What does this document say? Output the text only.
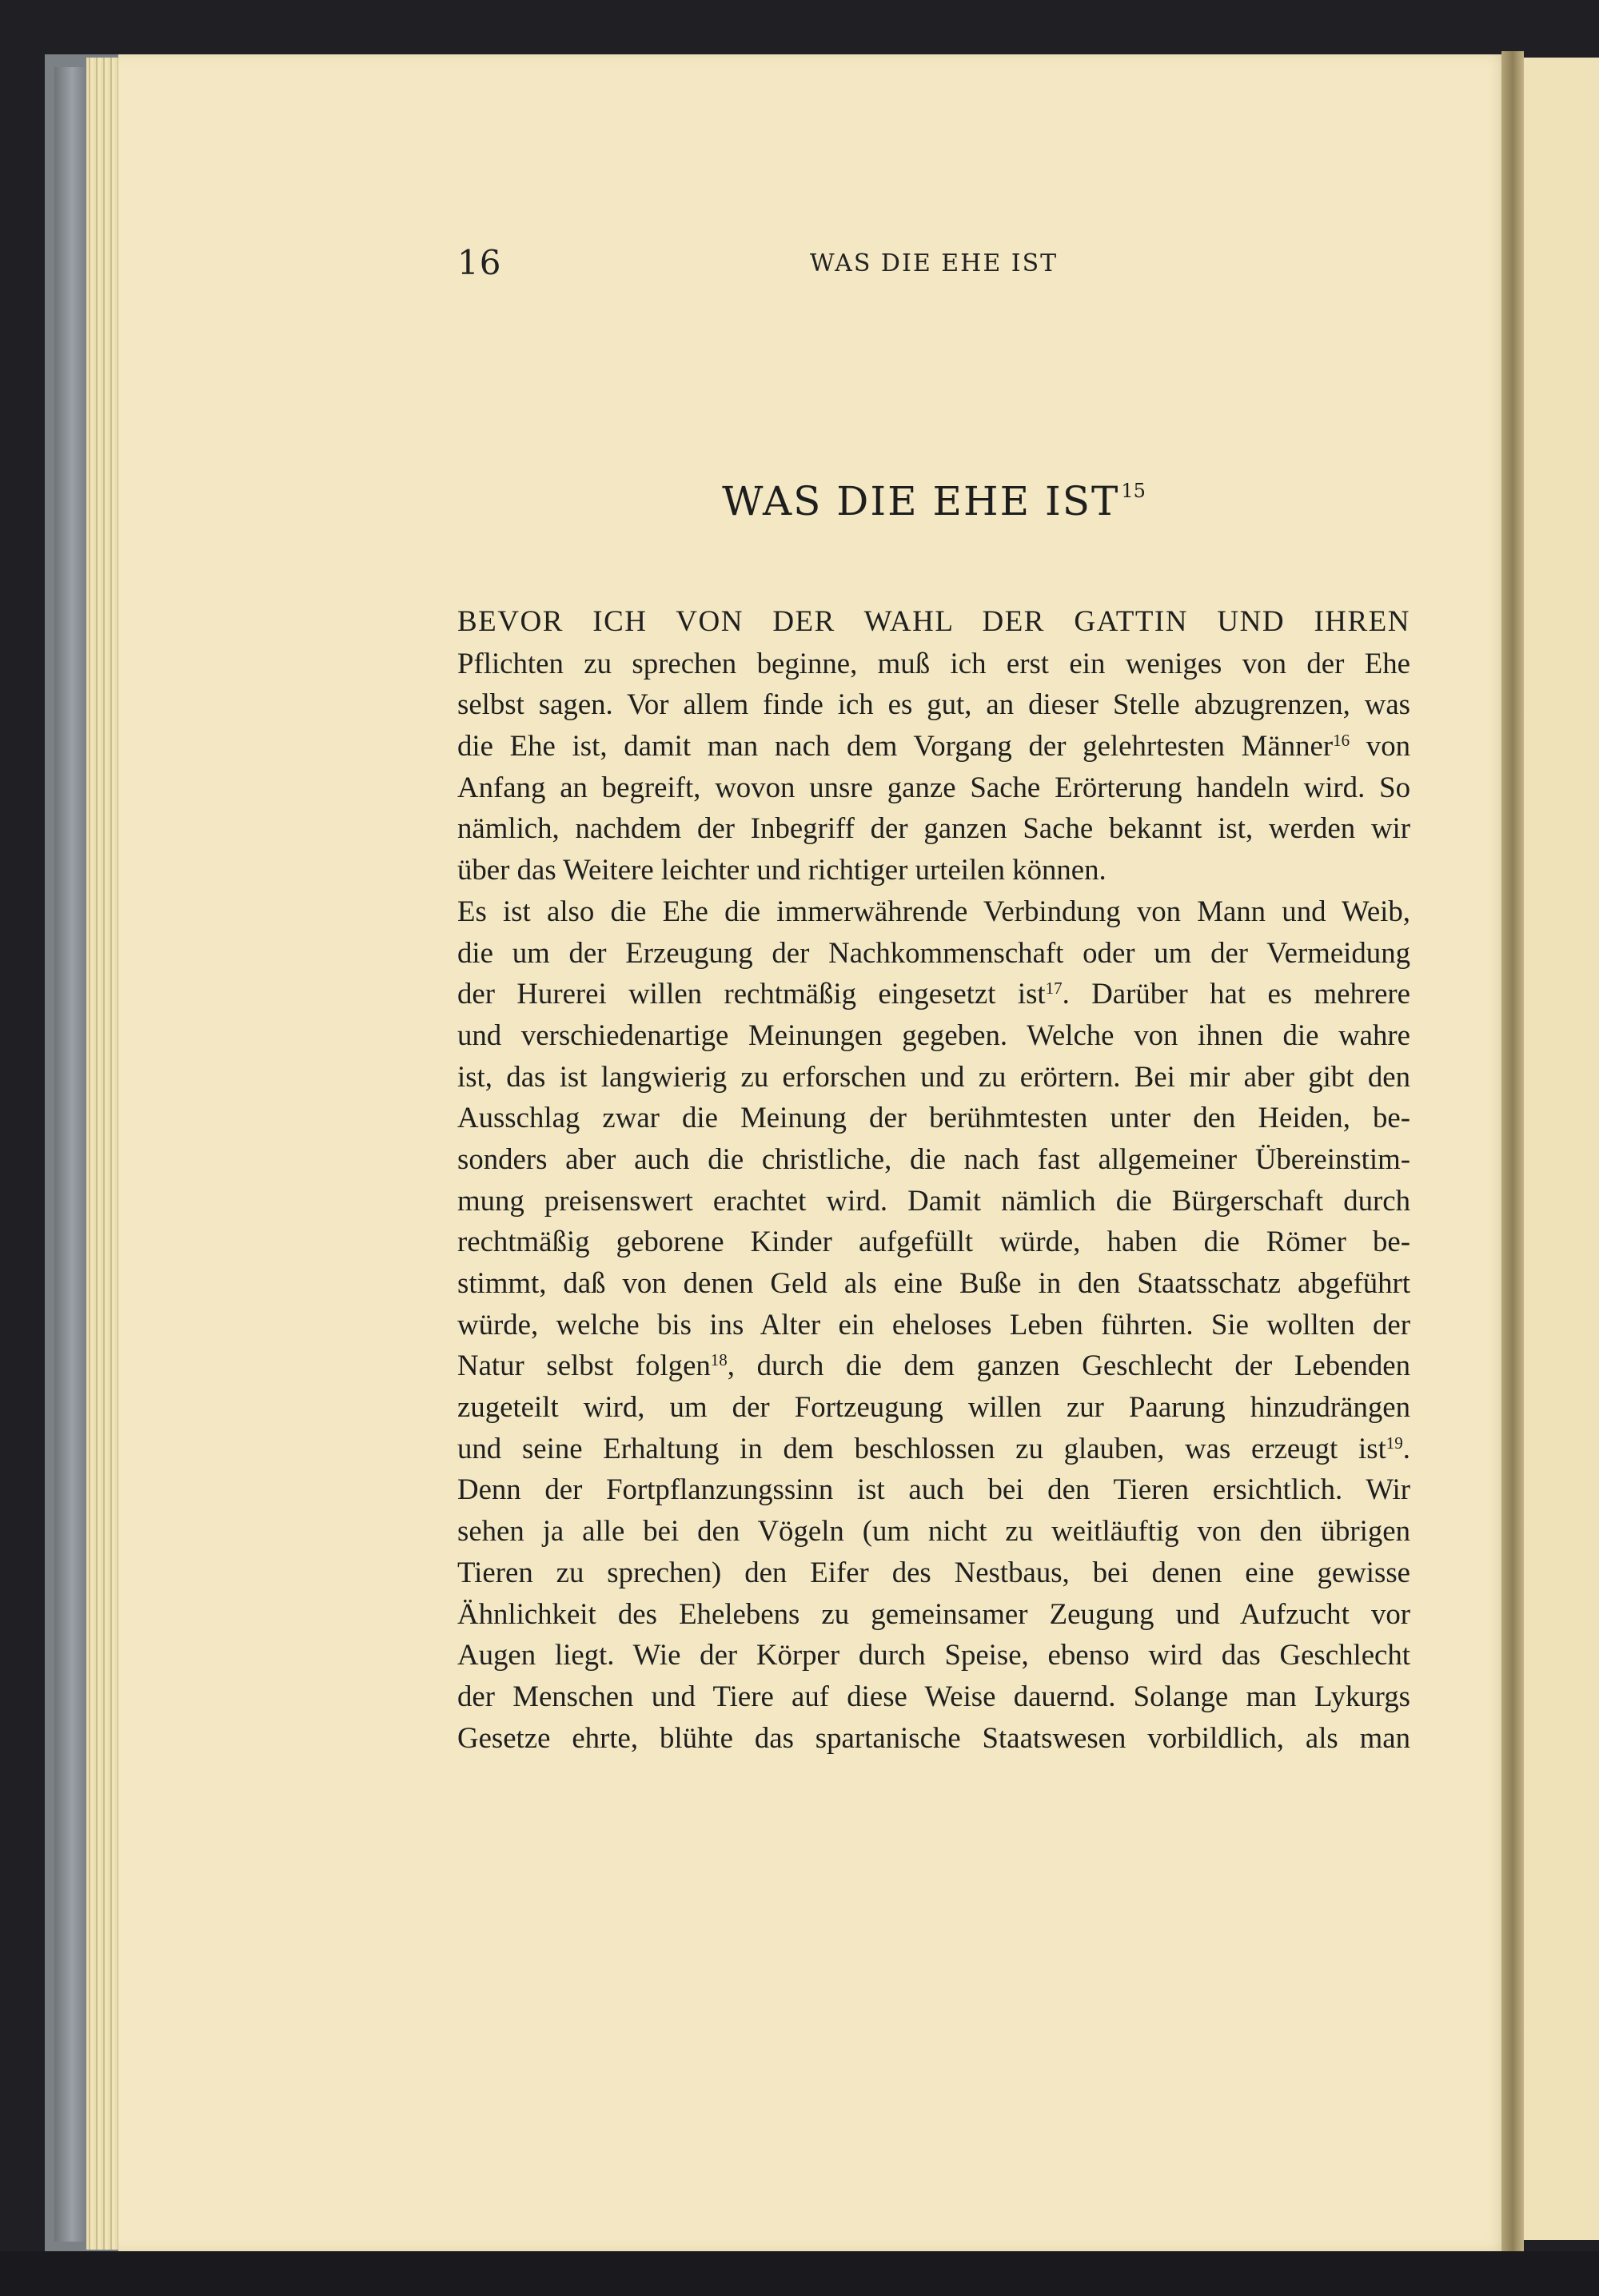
16	WAS DIE EHE IST
WAS DIE EHE IST$^{15}$
BEVOR ICH VON DER WAHL DER GATTIN UND IHREN
Pflichten zu sprechen beginne, muß ich erst ein weniges von der Ehe
selbst sagen. Vor allem finde ich es gut, an dieser Stelle abzugrenzen, was
die Ehe ist, damit man nach dem Vorgang der gelehrtesten Männer$^{16}$ von
Anfang an begreift, wovon unsre ganze Sache Erörterung handeln wird. So
nämlich, nachdem der Inbegriff der ganzen Sache bekannt ist, werden wir
über das Weitere leichter und richtiger urteilen können.
Es ist also die Ehe die immerwährende Verbindung von Mann und Weib,
die um der Erzeugung der Nachkommenschaft oder um der Vermeidung
der Hurerei willen rechtmäßig eingesetzt ist$^{17}$. Darüber hat es mehrere
und verschiedenartige Meinungen gegeben. Welche von ihnen die wahre
ist, das ist langwierig zu erforschen und zu erörtern. Bei mir aber gibt den
Ausschlag zwar die Meinung der berühmtesten unter den Heiden, be-
sonders aber auch die christliche, die nach fast allgemeiner Übereinstim-
mung preisenswert erachtet wird. Damit nämlich die Bürgerschaft durch
rechtmäßig geborene Kinder aufgefüllt würde, haben die Römer be-
stimmt, daß von denen Geld als eine Buße in den Staatsschatz abgeführt
würde, welche bis ins Alter ein eheloses Leben führten. Sie wollten der
Natur selbst folgen$^{18}$, durch die dem ganzen Geschlecht der Lebenden
zugeteilt wird, um der Fortzeugung willen zur Paarung hinzudrängen
und seine Erhaltung in dem beschlossen zu glauben, was erzeugt ist$^{19}$.
Denn der Fortpflanzungssinn ist auch bei den Tieren ersichtlich. Wir
sehen ja alle bei den Vögeln (um nicht zu weitläuftig von den übrigen
Tieren zu sprechen) den Eifer des Nestbaus, bei denen eine gewisse
Ähnlichkeit des Ehelebens zu gemeinsamer Zeugung und Aufzucht vor
Augen liegt. Wie der Körper durch Speise, ebenso wird das Geschlecht
der Menschen und Tiere auf diese Weise dauernd. Solange man Lykurgs
Gesetze ehrte, blühte das spartanische Staatswesen vorbildlich, als man
